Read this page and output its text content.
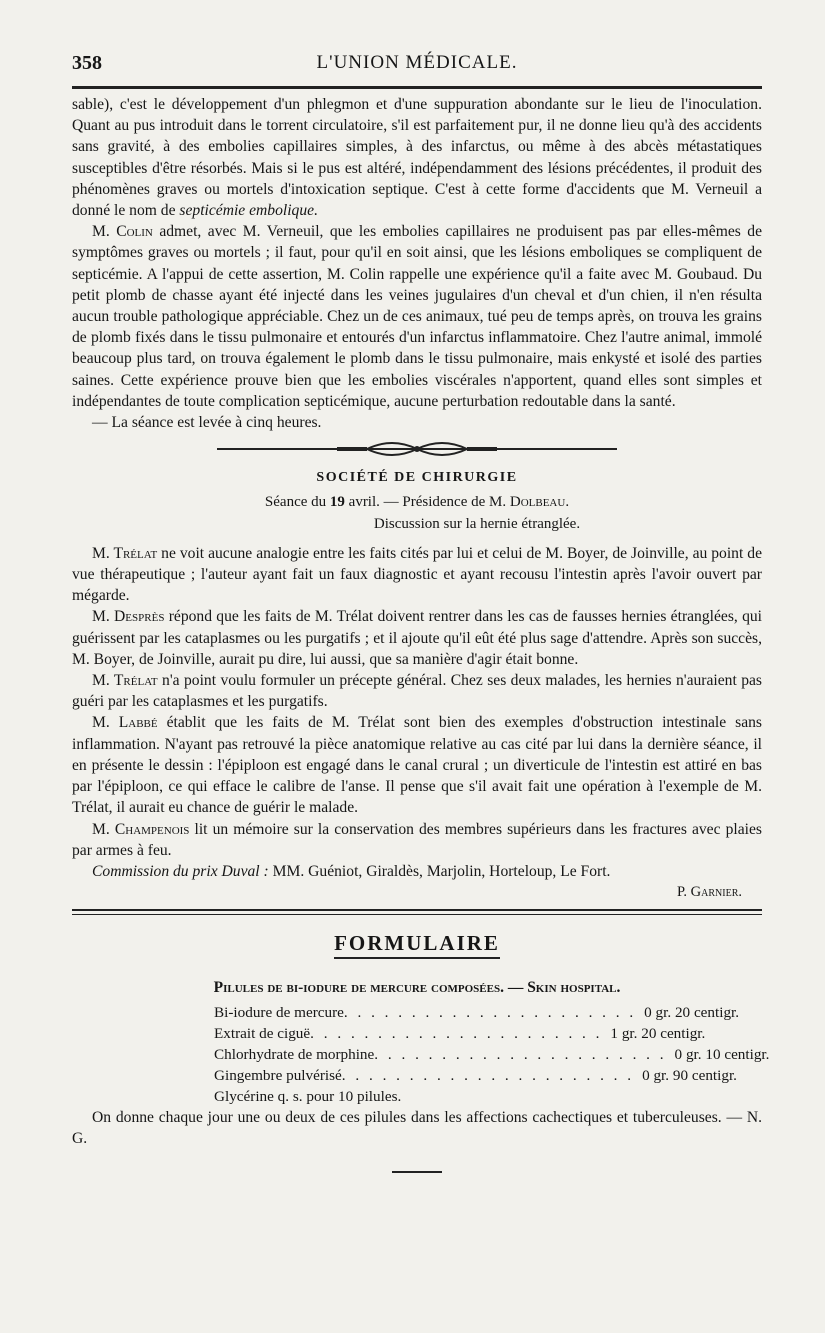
358	L'UNION MÉDICALE.

sable), c'est le développement d'un phlegmon et d'une suppuration abondante sur le lieu de l'inoculation. Quant au pus introduit dans le torrent circulatoire, s'il est parfaitement pur, il ne donne lieu qu'à des accidents sans gravité, à des embolies capillaires simples, à des infarctus, ou même à des abcès métastatiques susceptibles d'être résorbés. Mais si le pus est altéré, indépendamment des lésions précédentes, il produit des phénomènes graves ou mortels d'intoxication septique. C'est à cette forme d'accidents que M. Verneuil a donné le nom de septicémie embolique.

M. Colin admet, avec M. Verneuil, que les embolies capillaires ne produisent pas par elles-mêmes de symptômes graves ou mortels ; il faut, pour qu'il en soit ainsi, que les lésions emboliques se compliquent de septicémie. A l'appui de cette assertion, M. Colin rappelle une expérience qu'il a faite avec M. Goubaud. Du petit plomb de chasse ayant été injecté dans les veines jugulaires d'un cheval et d'un chien, il n'en résulta aucun trouble pathologique appréciable. Chez un de ces animaux, tué peu de temps après, on trouva les grains de plomb fixés dans le tissu pulmonaire et entourés d'un infarctus inflammatoire. Chez l'autre animal, immolé beaucoup plus tard, on trouva également le plomb dans le tissu pulmonaire, mais enkysté et isolé des parties saines. Cette expérience prouve bien que les embolies viscérales n'apportent, quand elles sont simples et indépendantes de toute complication septicémique, aucune perturbation redoutable dans la santé.

— La séance est levée à cinq heures.

SOCIÉTÉ DE CHIRURGIE
Séance du 19 avril. — Présidence de M. Dolbeau.
Discussion sur la hernie étranglée.

M. Trélat ne voit aucune analogie entre les faits cités par lui et celui de M. Boyer, de Joinville, au point de vue thérapeutique ; l'auteur ayant fait un faux diagnostic et ayant recousu l'intestin après l'avoir ouvert par mégarde.

M. Desprès répond que les faits de M. Trélat doivent rentrer dans les cas de fausses hernies étranglées, qui guérissent par les cataplasmes ou les purgatifs ; et il ajoute qu'il eût été plus sage d'attendre. Après son succès, M. Boyer, de Joinville, aurait pu dire, lui aussi, que sa manière d'agir était bonne.

M. Trélat n'a point voulu formuler un précepte général. Chez ses deux malades, les hernies n'auraient pas guéri par les cataplasmes et les purgatifs.

M. Labbé établit que les faits de M. Trélat sont bien des exemples d'obstruction intestinale sans inflammation. N'ayant pas retrouvé la pièce anatomique relative au cas cité par lui dans la dernière séance, il en présente le dessin : l'épiploon est engagé dans le canal crural ; un diverticule de l'intestin est attiré en bas par l'épiploon, ce qui efface le calibre de l'anse. Il pense que s'il avait fait une opération à l'exemple de M. Trélat, il aurait eu chance de guérir le malade.

M. Champenois lit un mémoire sur la conservation des membres supérieurs dans les fractures avec plaies par armes à feu.

Commission du prix Duval : MM. Guéniot, Giraldès, Marjolin, Horteloup, Le Fort.

P. Garnier.
FORMULAIRE
Pilules de bi-iodure de mercure composées. — Skin hospital.
Bi-iodure de mercure . . . . . . . . . . . . . . . . . . . . . . 0 gr. 20 centigr.
Extrait de ciguë . . . . . . . . . . . . . . . . . . . . . . 1 gr. 20 centigr.
Chlorhydrate de morphine . . . . . . . . . . . . . . . . . . . . . . 0 gr. 10 centigr.
Gingembre pulvérisé . . . . . . . . . . . . . . . . . . . . . . 0 gr. 90 centigr.
Glycérine q. s. pour 10 pilules.

On donne chaque jour une ou deux de ces pilules dans les affections cachectiques et tuberculeuses. — N. G.
